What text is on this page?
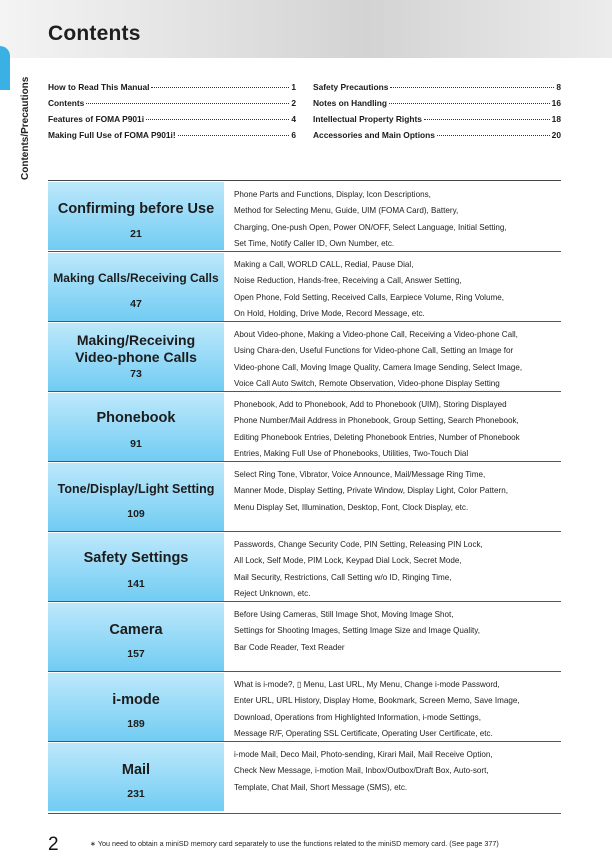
Contents
Contents/Precautions How to Read This Manual	1
Contents	2
Features of FOMA P901i	4
Making Full Use of FOMA P901i!	6
Safety Precautions	8
Notes on Handling	16
Intellectual Property Rights	18
Accessories and Main Options	20
Confirming before Use
21
Phone Parts and Functions, Display, Icon Descriptions,
Method for Selecting Menu, Guide, UIM (FOMA Card), Battery,
Charging, One-push Open, Power ON/OFF, Select Language, Initial Setting,
Set Time, Notify Caller ID, Own Number, etc.
Making Calls/Receiving Calls
47
Making a Call, WORLD CALL, Redial, Pause Dial,
Noise Reduction, Hands-free, Receiving a Call, Answer Setting,
Open Phone, Fold Setting, Received Calls, Earpiece Volume, Ring Volume,
On Hold, Holding, Drive Mode, Record Message, etc.
Making/Receiving
Video-phone Calls
73
About Video-phone, Making a Video-phone Call, Receiving a Video-phone Call,
Using Chara-den, Useful Functions for Video-phone Call, Setting an Image for
Video-phone Call, Moving Image Quality, Camera Image Sending, Select Image,
Voice Call Auto Switch, Remote Observation, Video-phone Display Setting
Phonebook
91
Phonebook, Add to Phonebook, Add to Phonebook (UIM), Storing Displayed
Phone Number/Mail Address in Phonebook, Group Setting, Search Phonebook,
Editing Phonebook Entries, Deleting Phonebook Entries, Number of Phonebook
Entries, Making Full Use of Phonebooks, Utilities, Two-Touch Dial
Tone/Display/Light Setting
109
Select Ring Tone, Vibrator, Voice Announce, Mail/Message Ring Time,
Manner Mode, Display Setting, Private Window, Display Light, Color Pattern,
Menu Display Set, Illumination, Desktop, Font, Clock Display, etc.
Safety Settings
141
Passwords, Change Security Code, PIN Setting, Releasing PIN Lock,
All Lock, Self Mode, PIM Lock, Keypad Dial Lock, Secret Mode,
Mail Security, Restrictions, Call Setting w/o ID, Ringing Time,
Reject Unknown, etc.
Camera
157
Before Using Cameras, Still Image Shot, Moving Image Shot,
Settings for Shooting Images, Setting Image Size and Image Quality,
Bar Code Reader, Text Reader
i-mode
189
What is i-mode?, ▯ Menu, Last URL, My Menu, Change i-mode Password,
Enter URL, URL History, Display Home, Bookmark, Screen Memo, Save Image,
Download, Operations from Highlighted Information, i-mode Settings,
Message R/F, Operating SSL Certificate, Operating User Certificate, etc.
Mail
231
i-mode Mail, Deco Mail, Photo-sending, Kirari Mail, Mail Receive Option,
Check New Message, i-motion Mail, Inbox/Outbox/Draft Box, Auto-sort,
Template, Chat Mail, Short Message (SMS), etc.
2	∗ You need to obtain a miniSD memory card separately to use the functions related to the miniSD memory card. (See page 377)
